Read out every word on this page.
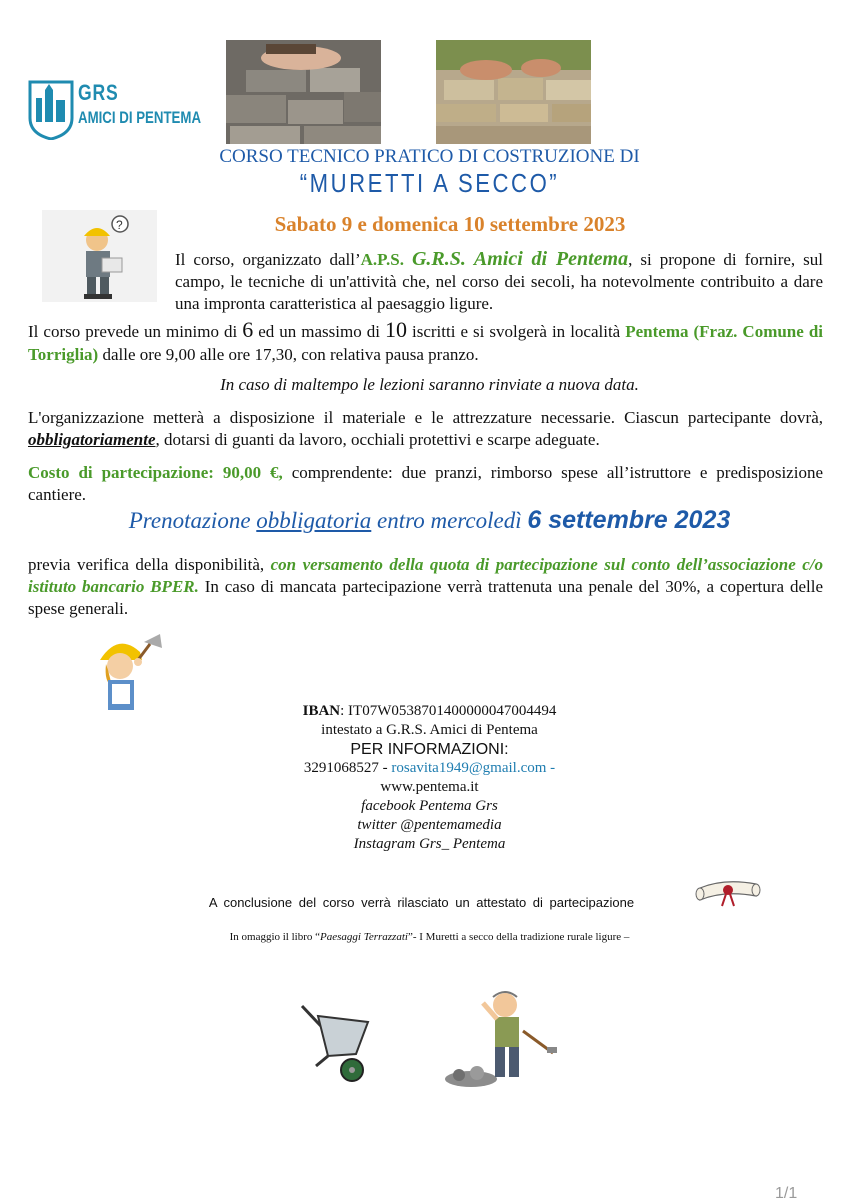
GRS
AMICI DI PENTEMA
CORSO TECNICO PRATICO DI COSTRUZIONE DI
“MURETTI A SECCO”
Sabato 9 e domenica 10 settembre 2023
?
Il corso, organizzato dall’A.P.S. G.R.S. Amici di Pentema, si propone di fornire, sul campo, le tecniche di un'attività che, nel corso dei secoli, ha notevolmente contribuito a dare una impronta caratteristica al paesaggio ligure.
Il corso prevede un minimo di 6 ed un massimo di 10 iscritti e si svolgerà in località Pentema (Fraz. Comune di Torriglia) dalle ore 9,00 alle ore 17,30, con relativa pausa pranzo.
In caso di maltempo le lezioni saranno rinviate a nuova data.
L'organizzazione metterà a disposizione il materiale e le attrezzature necessarie. Ciascun partecipante dovrà, obbligatoriamente, dotarsi di guanti da lavoro, occhiali protettivi e scarpe adeguate.
Costo di partecipazione: 90,00 €, comprendente: due pranzi, rimborso spese all’istruttore e predisposizione cantiere.
Prenotazione obbligatoria entro mercoledì 6 settembre 2023
previa verifica della disponibilità, con versamento della quota di partecipazione sul conto dell’associazione c/o istituto bancario BPER. In caso di mancata partecipazione verrà trattenuta una penale del 30%, a copertura delle spese generali.
IBAN: IT07W0538701400000047004494
intestato a G.R.S. Amici di Pentema
PER INFORMAZIONI:
3291068527 - rosavita1949@gmail.com -
www.pentema.it
facebook Pentema Grs
twitter @pentemamedia
Instagram Grs_ Pentema
A conclusione del corso verrà rilasciato un attestato di partecipazione
In omaggio il libro “Paesaggi Terrazzati”- I Muretti a secco della tradizione rurale ligure –
1/1
